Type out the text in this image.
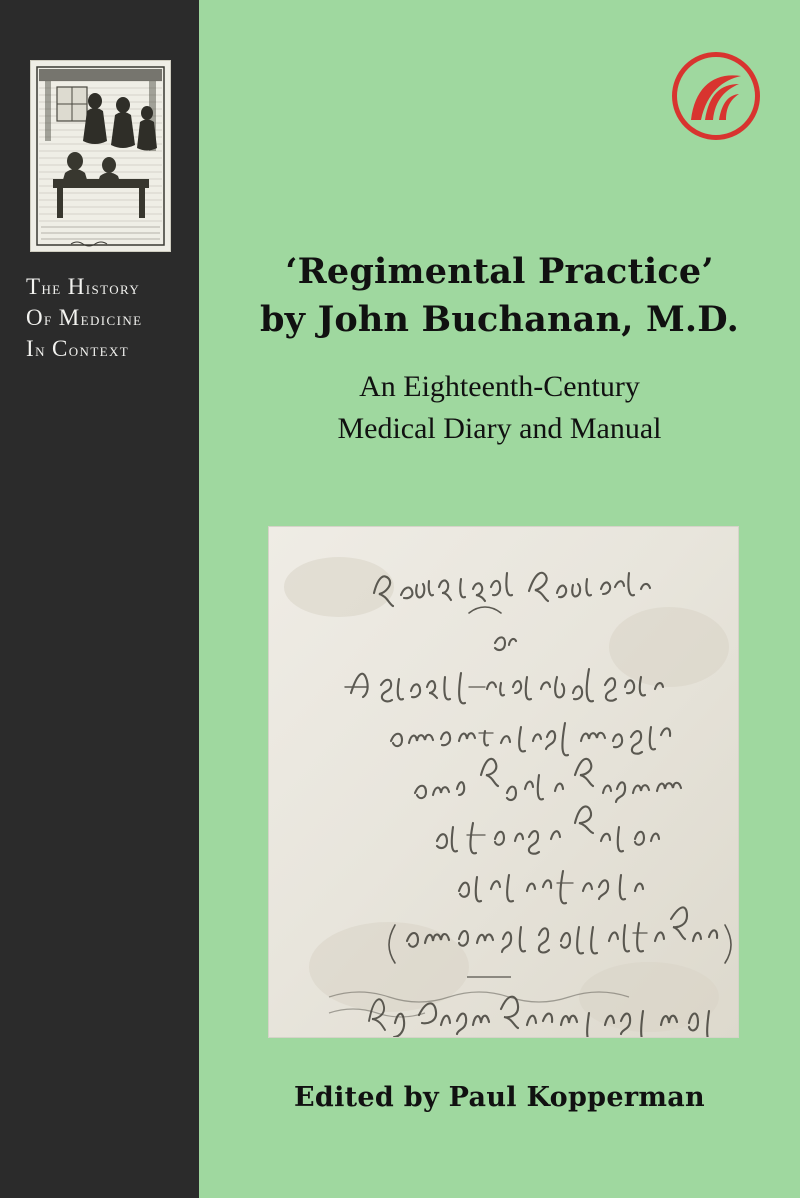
The History
Of Medicine
In Context
‘Regimental Practice’
by John Buchanan, M.D.

An Eighteenth-Century
Medical Diary and Manual

Edited by Paul Kopperman
